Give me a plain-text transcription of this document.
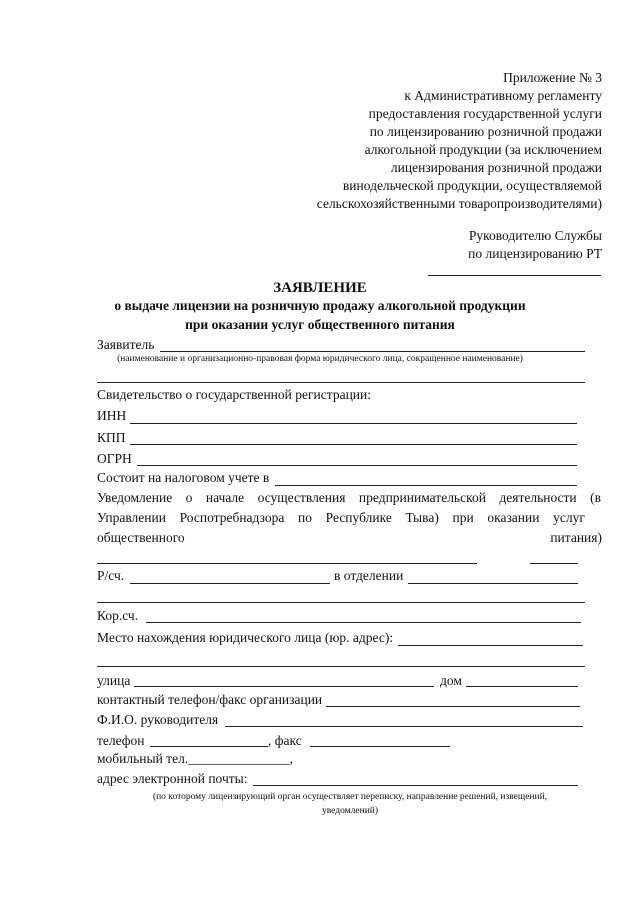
Приложение № 3
к Административному регламенту
предоставления государственной услуги
по лицензированию розничной продажи
алкогольной продукции (за исключением
лицензирования розничной продажи
винодельческой продукции, осуществляемой
сельскохозяйственными товаропроизводителями)
Руководителю Службы
по лицензированию РТ
ЗАЯВЛЕНИЕ
о выдаче лицензии на розничную продажу алкогольной продукции
при оказании услуг общественного питания
Заявитель
(наименование и организационно-правовая форма юридического лица, сокращенное наименование)
Свидетельство о государственной регистрации:
ИНН
КПП
ОГРН
Состоит на налоговом учете в
Уведомление о начале осуществления предпринимательской деятельности (в
Управлении Роспотребнадзора по Республике Тыва) при оказании услуг
общественного	питания)
Р/сч.	в отделении
Кор.сч.
Место нахождения юридического лица (юр. адрес):
улица	дом
контактный телефон/факс организации
Ф.И.О. руководителя
телефон	, факс
мобильный тел._______________,
адрес электронной почты:
(по которому лицензирующий орган осуществляет переписку, направление решений, извещений,
уведомлений)
